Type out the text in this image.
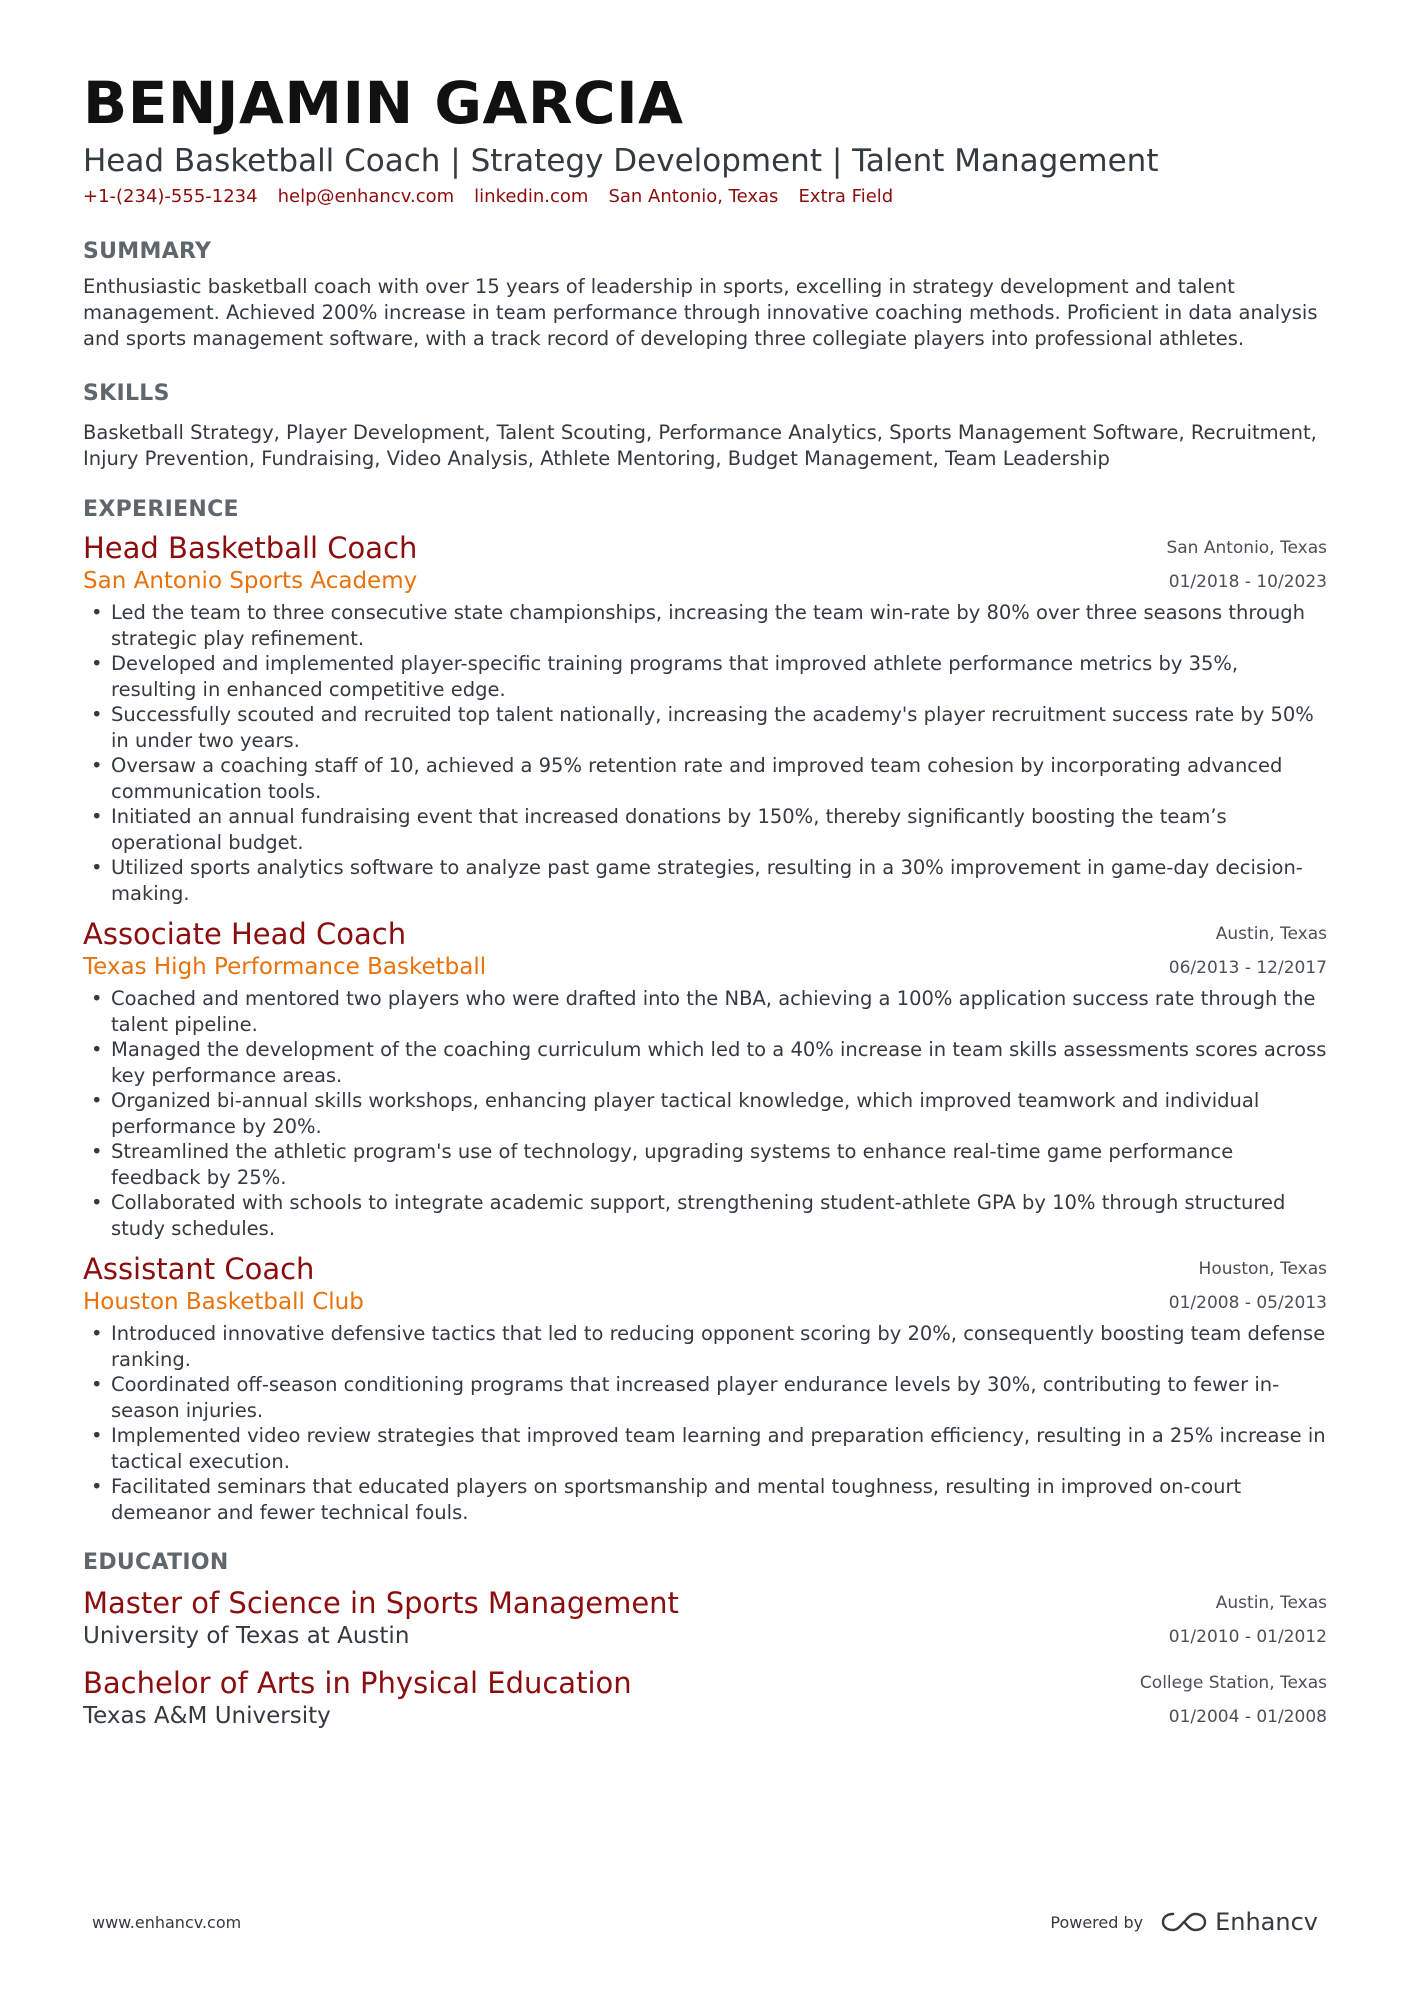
BENJAMIN GARCIA
Head Basketball Coach | Strategy Development | Talent Management
+1-(234)-555-1234 help@enhancv.com linkedin.com San Antonio, Texas Extra Field
SUMMARY
Enthusiastic basketball coach with over 15 years of leadership in sports, excelling in strategy development and talent management. Achieved 200% increase in team performance through innovative coaching methods. Proficient in data analysis and sports management software, with a track record of developing three collegiate players into professional athletes.
SKILLS
Basketball Strategy, Player Development, Talent Scouting, Performance Analytics, Sports Management Software, Recruitment, Injury Prevention, Fundraising, Video Analysis, Athlete Mentoring, Budget Management, Team Leadership
EXPERIENCE
Head Basketball Coach
San Antonio Sports Academy
San Antonio, Texas
01/2018 - 10/2023
• Led the team to three consecutive state championships, increasing the team win-rate by 80% over three seasons through strategic play refinement.
• Developed and implemented player-specific training programs that improved athlete performance metrics by 35%, resulting in enhanced competitive edge.
• Successfully scouted and recruited top talent nationally, increasing the academy's player recruitment success rate by 50% in under two years.
• Oversaw a coaching staff of 10, achieved a 95% retention rate and improved team cohesion by incorporating advanced communication tools.
• Initiated an annual fundraising event that increased donations by 150%, thereby significantly boosting the team’s operational budget.
• Utilized sports analytics software to analyze past game strategies, resulting in a 30% improvement in game-day decision-making.
Associate Head Coach
Texas High Performance Basketball
Austin, Texas
06/2013 - 12/2017
• Coached and mentored two players who were drafted into the NBA, achieving a 100% application success rate through the talent pipeline.
• Managed the development of the coaching curriculum which led to a 40% increase in team skills assessments scores across key performance areas.
• Organized bi-annual skills workshops, enhancing player tactical knowledge, which improved teamwork and individual performance by 20%.
• Streamlined the athletic program's use of technology, upgrading systems to enhance real-time game performance feedback by 25%.
• Collaborated with schools to integrate academic support, strengthening student-athlete GPA by 10% through structured study schedules.
Assistant Coach
Houston Basketball Club
Houston, Texas
01/2008 - 05/2013
• Introduced innovative defensive tactics that led to reducing opponent scoring by 20%, consequently boosting team defense ranking.
• Coordinated off-season conditioning programs that increased player endurance levels by 30%, contributing to fewer in-season injuries.
• Implemented video review strategies that improved team learning and preparation efficiency, resulting in a 25% increase in tactical execution.
• Facilitated seminars that educated players on sportsmanship and mental toughness, resulting in improved on-court demeanor and fewer technical fouls.
EDUCATION
Master of Science in Sports Management
University of Texas at Austin
Austin, Texas
01/2010 - 01/2012
Bachelor of Arts in Physical Education
Texas A&M University
College Station, Texas
01/2004 - 01/2008
www.enhancv.com	Powered by	Enhancv
